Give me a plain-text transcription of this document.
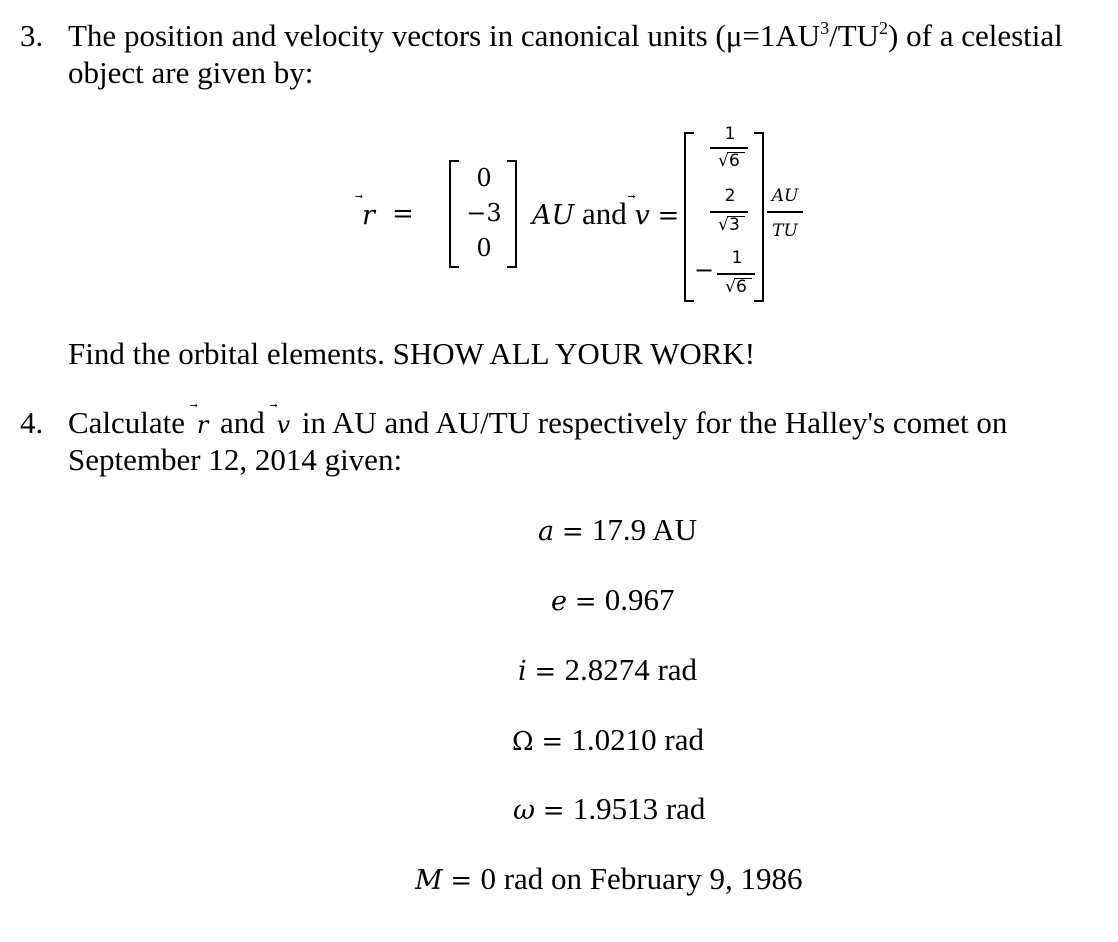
3. The position and velocity vectors in canonical units $(\mu=1AU^3/TU^2)$ of a celestial
object are given by:
r =
0
−3
0
AU and v =
1
√6
2
√3
−	1
√6
AU
TU
Find the orbital elements. SHOW ALL YOUR WORK!
4. Calculate r and v in AU and AU/TU respectively for the Halley's comet on
September 12, 2014 given:
a = 17.9 AU
e = 0.967
i = 2.8274 rad
Ω = 1.0210 rad
ω = 1.9513 rad
M = 0 rad on February 9, 1986
